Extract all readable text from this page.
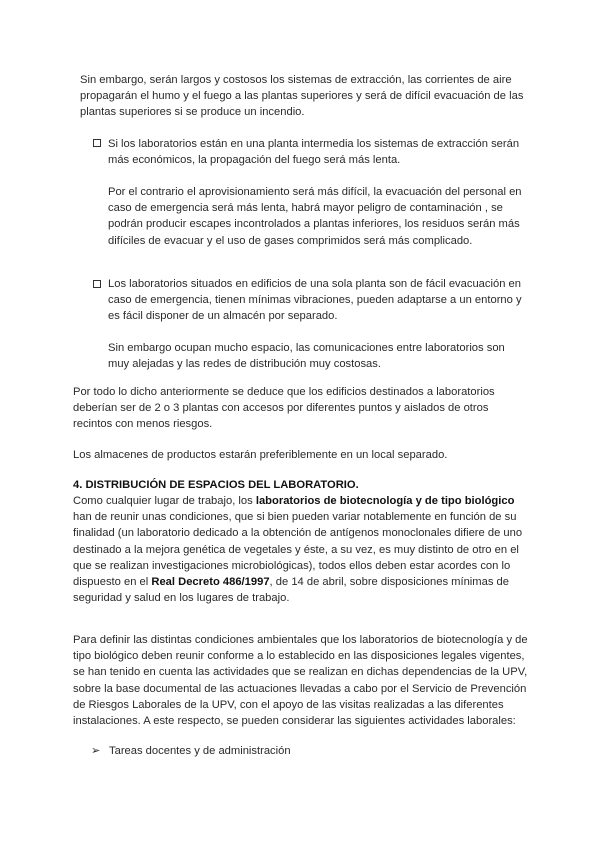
Sin embargo, serán largos y costosos los sistemas de extracción, las corrientes de aire propagarán el humo y el fuego a las plantas superiores y será de difícil evacuación de las plantas superiores si se produce un incendio.

Si los laboratorios están en una planta intermedia los sistemas de extracción serán más económicos, la propagación del fuego será más lenta.

Por el contrario el aprovisionamiento será más difícil, la evacuación del personal en caso de emergencia será más lenta, habrá mayor peligro de contaminación , se podrán producir escapes incontrolados a plantas inferiores, los residuos serán más difíciles de evacuar y el uso de gases comprimidos será más complicado.

Los laboratorios situados en edificios de una sola planta son de fácil evacuación en caso de emergencia, tienen mínimas vibraciones, pueden adaptarse a un entorno y es fácil disponer de un almacén por separado.

Sin embargo ocupan mucho espacio, las comunicaciones entre laboratorios son muy alejadas y las redes de distribución muy costosas.

Por todo lo dicho anteriormente se deduce que los edificios destinados a laboratorios deberían ser de 2 o 3 plantas con accesos por diferentes puntos y aislados de otros recintos con menos riesgos.

Los almacenes de productos estarán preferiblemente en un local separado.

4. DISTRIBUCIÓN DE ESPACIOS DEL LABORATORIO.

Como cualquier lugar de trabajo, los laboratorios de biotecnología y de tipo biológico han de reunir unas condiciones, que si bien pueden variar notablemente en función de su finalidad (un laboratorio dedicado a la obtención de antígenos monoclonales difiere de uno destinado a la mejora genética de vegetales y éste, a su vez, es muy distinto de otro en el que se realizan investigaciones microbiológicas), todos ellos deben estar acordes con lo dispuesto en el Real Decreto 486/1997, de 14 de abril, sobre disposiciones mínimas de seguridad y salud en los lugares de trabajo.

Para definir las distintas condiciones ambientales que los laboratorios de biotecnología y de tipo biológico deben reunir conforme a lo establecido en las disposiciones legales vigentes, se han tenido en cuenta las actividades que se realizan en dichas dependencias de la UPV, sobre la base documental de las actuaciones llevadas a cabo por el Servicio de Prevención de Riesgos Laborales de la UPV, con el apoyo de las visitas realizadas a las diferentes instalaciones. A este respecto, se pueden considerar las siguientes actividades laborales:

➢ Tareas docentes y de administración
